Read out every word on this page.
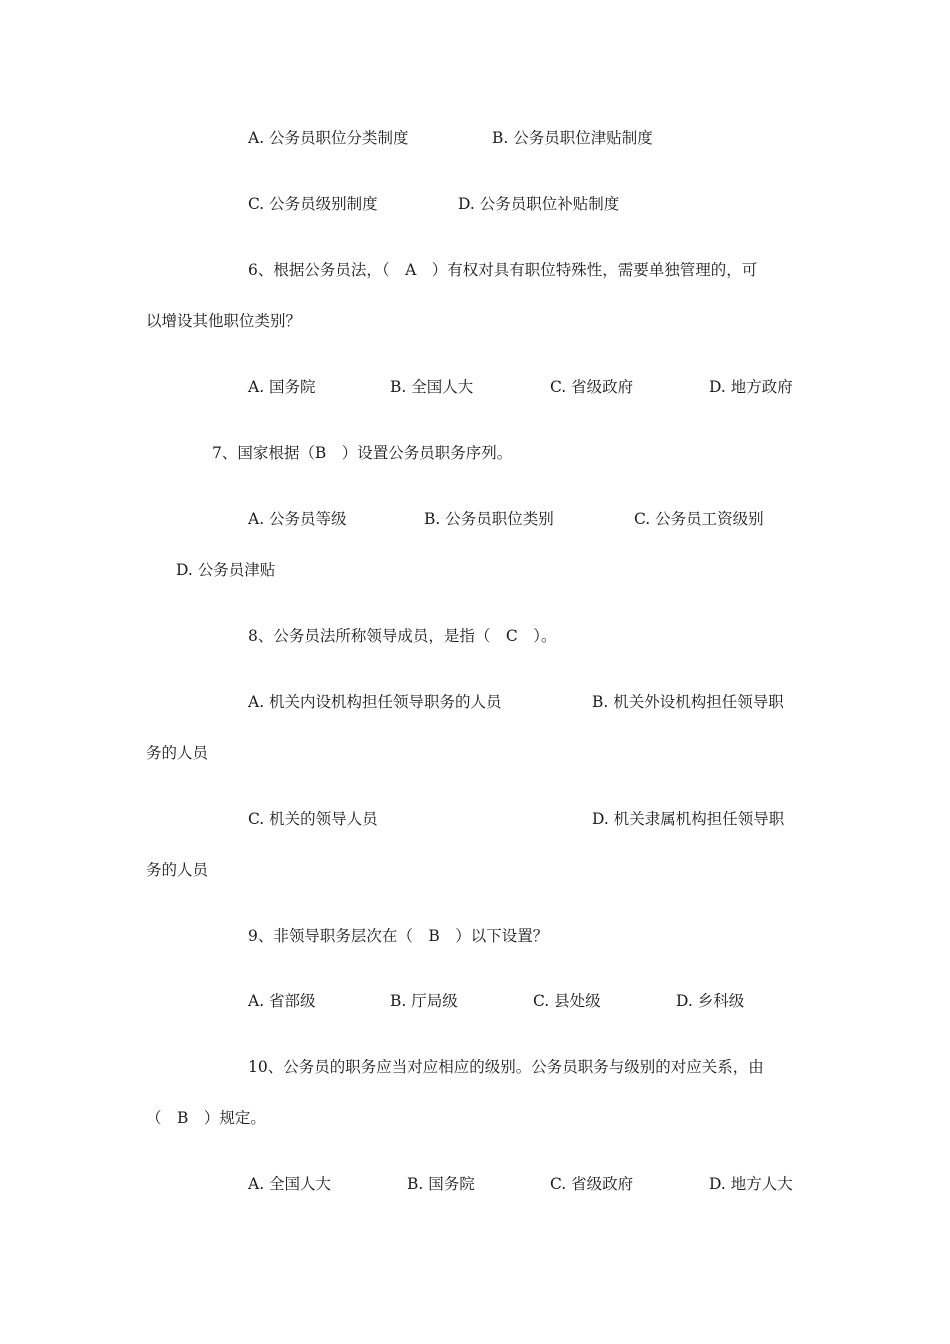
A. 公务员职位分类制度	B. 公务员职位津贴制度
C. 公务员级别制度	D. 公务员职位补贴制度
6、根据公务员法，（　A　）有权对具有职位特殊性，需要单独管理的，可
以增设其他职位类别？
A. 国务院	B. 全国人大	C. 省级政府	D. 地方政府
7、国家根据（B　）设置公务员职务序列。
A. 公务员等级	B. 公务员职位类别	C. 公务员工资级别
D. 公务员津贴
8、公务员法所称领导成员，是指（　C　）。
A. 机关内设机构担任领导职务的人员	B. 机关外设机构担任领导职
务的人员
C. 机关的领导人员	D. 机关隶属机构担任领导职
务的人员
9、非领导职务层次在（　B　）以下设置？
A. 省部级	B. 厅局级	C. 县处级	D. 乡科级
10、公务员的职务应当对应相应的级别。公务员职务与级别的对应关系，由
（　B　）规定。
A. 全国人大	B. 国务院	C. 省级政府	D. 地方人大
